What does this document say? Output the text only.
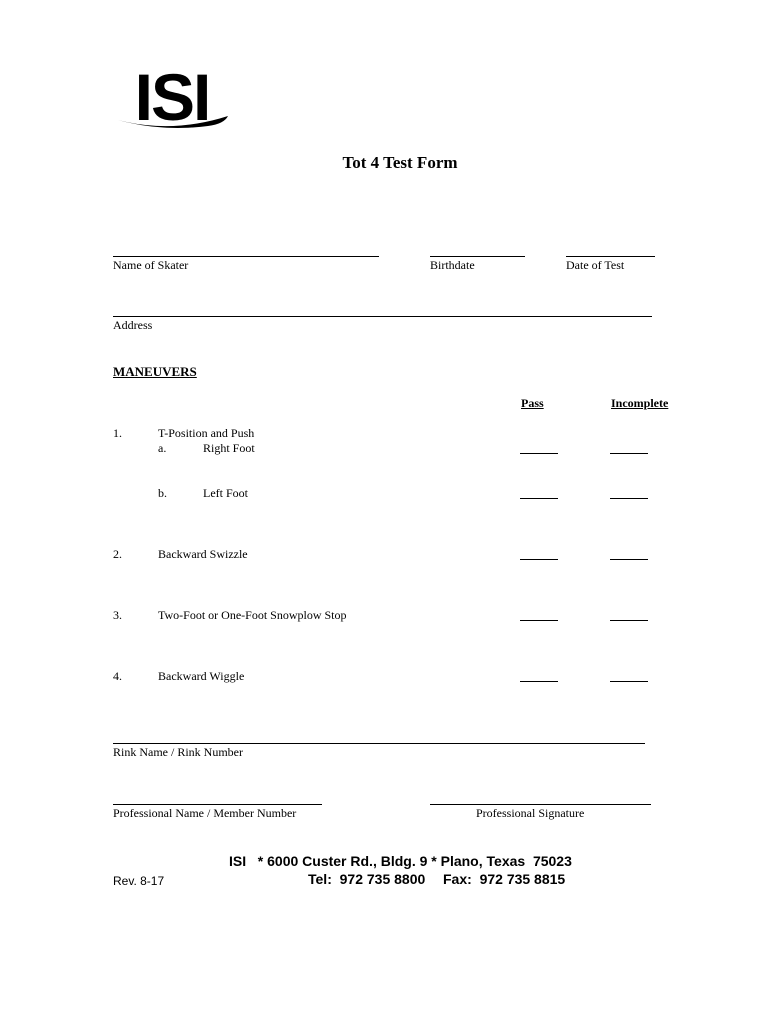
ISI
Tot 4 Test Form
Name of Skater	Birthdate	Date of Test
Address
MANEUVERS
Pass	Incomplete
1.	T-Position and Push
a.	Right Foot
b.	Left Foot
2.	Backward Swizzle
3.	Two-Foot or One-Foot Snowplow Stop
4.	Backward Wiggle
Rink Name / Rink Number
Professional Name / Member Number	Professional Signature
ISI   * 6000 Custer Rd., Bldg. 9 * Plano, Texas  75023
Tel:  972 735 8800 Fax:  972 735 8815
Rev. 8-17
